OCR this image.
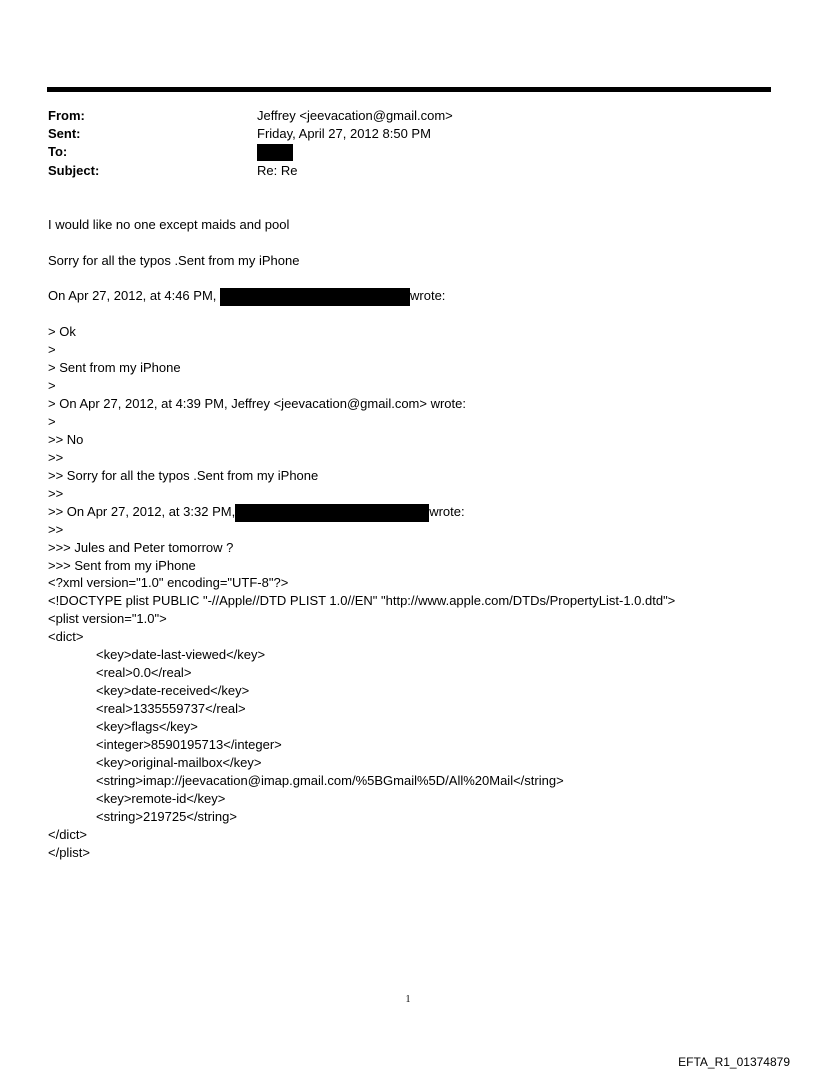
From:	Jeffrey <jeevacation@gmail.com>
Sent:	Friday, April 27, 2012 8:50 PM
To:
Subject:	Re: Re
I would like no one except maids and pool
Sorry for all the typos .Sent from my iPhone
On Apr 27, 2012, at 4:46 PM,	wrote:
> Ok
>
> Sent from my iPhone
>
> On Apr 27, 2012, at 4:39 PM, Jeffrey <jeevacation@gmail.com> wrote:
>
>> No
>>
>> Sorry for all the typos .Sent from my iPhone
>>
>> On Apr 27, 2012, at 3:32 PM,	wrote:
>>
>>> Jules and Peter tomorrow ?
>>> Sent from my iPhone
<?xml version="1.0" encoding="UTF-8"?>
<!DOCTYPE plist PUBLIC "-//Apple//DTD PLIST 1.0//EN" "http://www.apple.com/DTDs/PropertyList-1.0.dtd">
<plist version="1.0">
<dict>
<key>date-last-viewed</key>
<real>0.0</real>
<key>date-received</key>
<real>1335559737</real>
<key>flags</key>
<integer>8590195713</integer>
<key>original-mailbox</key>
<string>imap://jeevacation@imap.gmail.com/%5BGmail%5D/All%20Mail</string>
<key>remote-id</key>
<string>219725</string>
</dict>
</plist>
1
EFTA_R1_01374879
